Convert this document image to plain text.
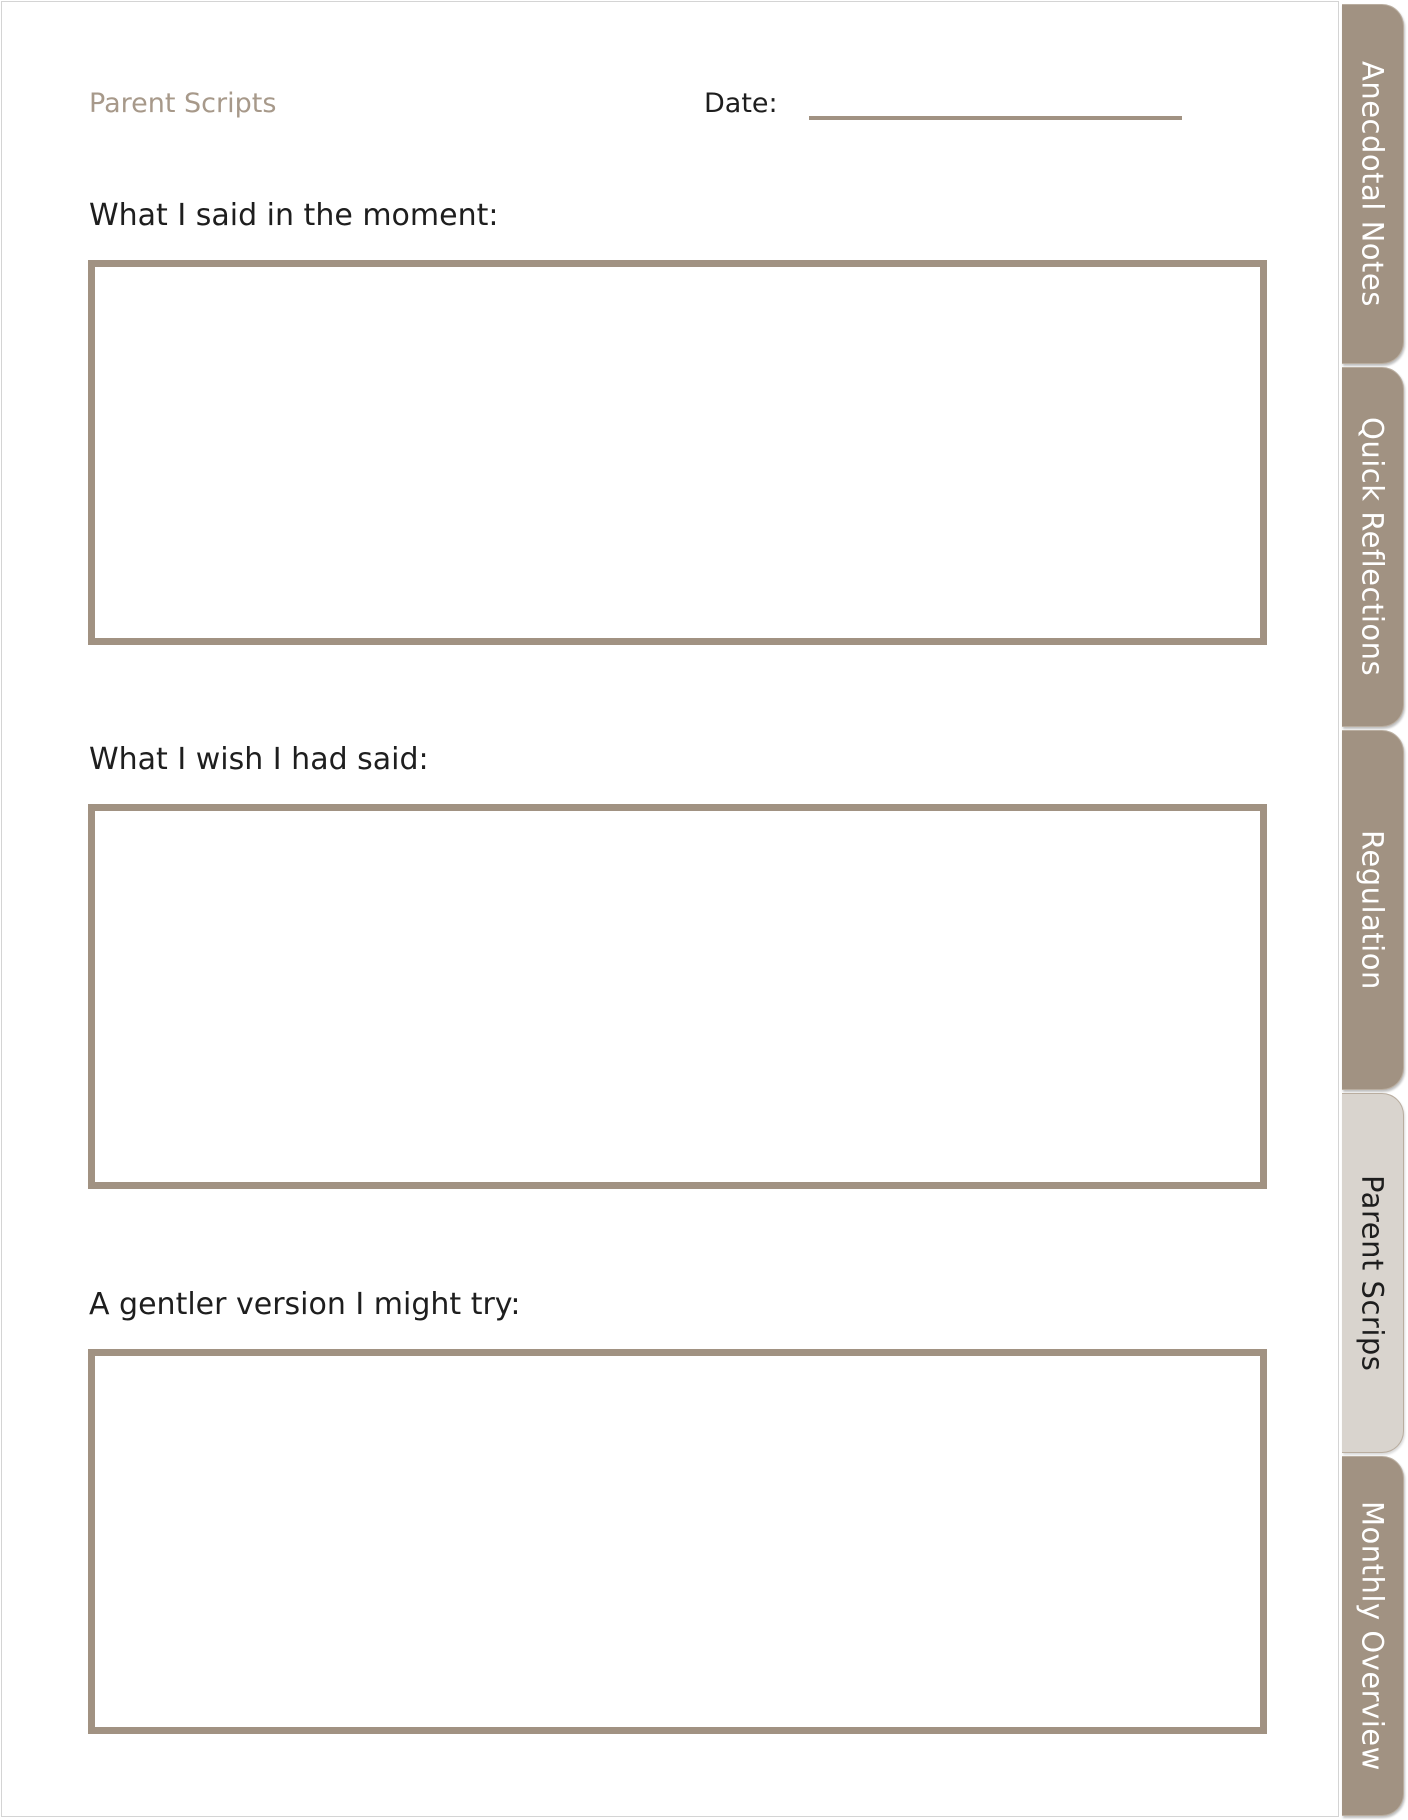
Parent Scripts	Date:
What I said in the moment:
What I wish I had said:
A gentler version I might try:
Anecdotal Notes
Quick Reflections
Regulation
Parent Scrips
Monthly Overview
